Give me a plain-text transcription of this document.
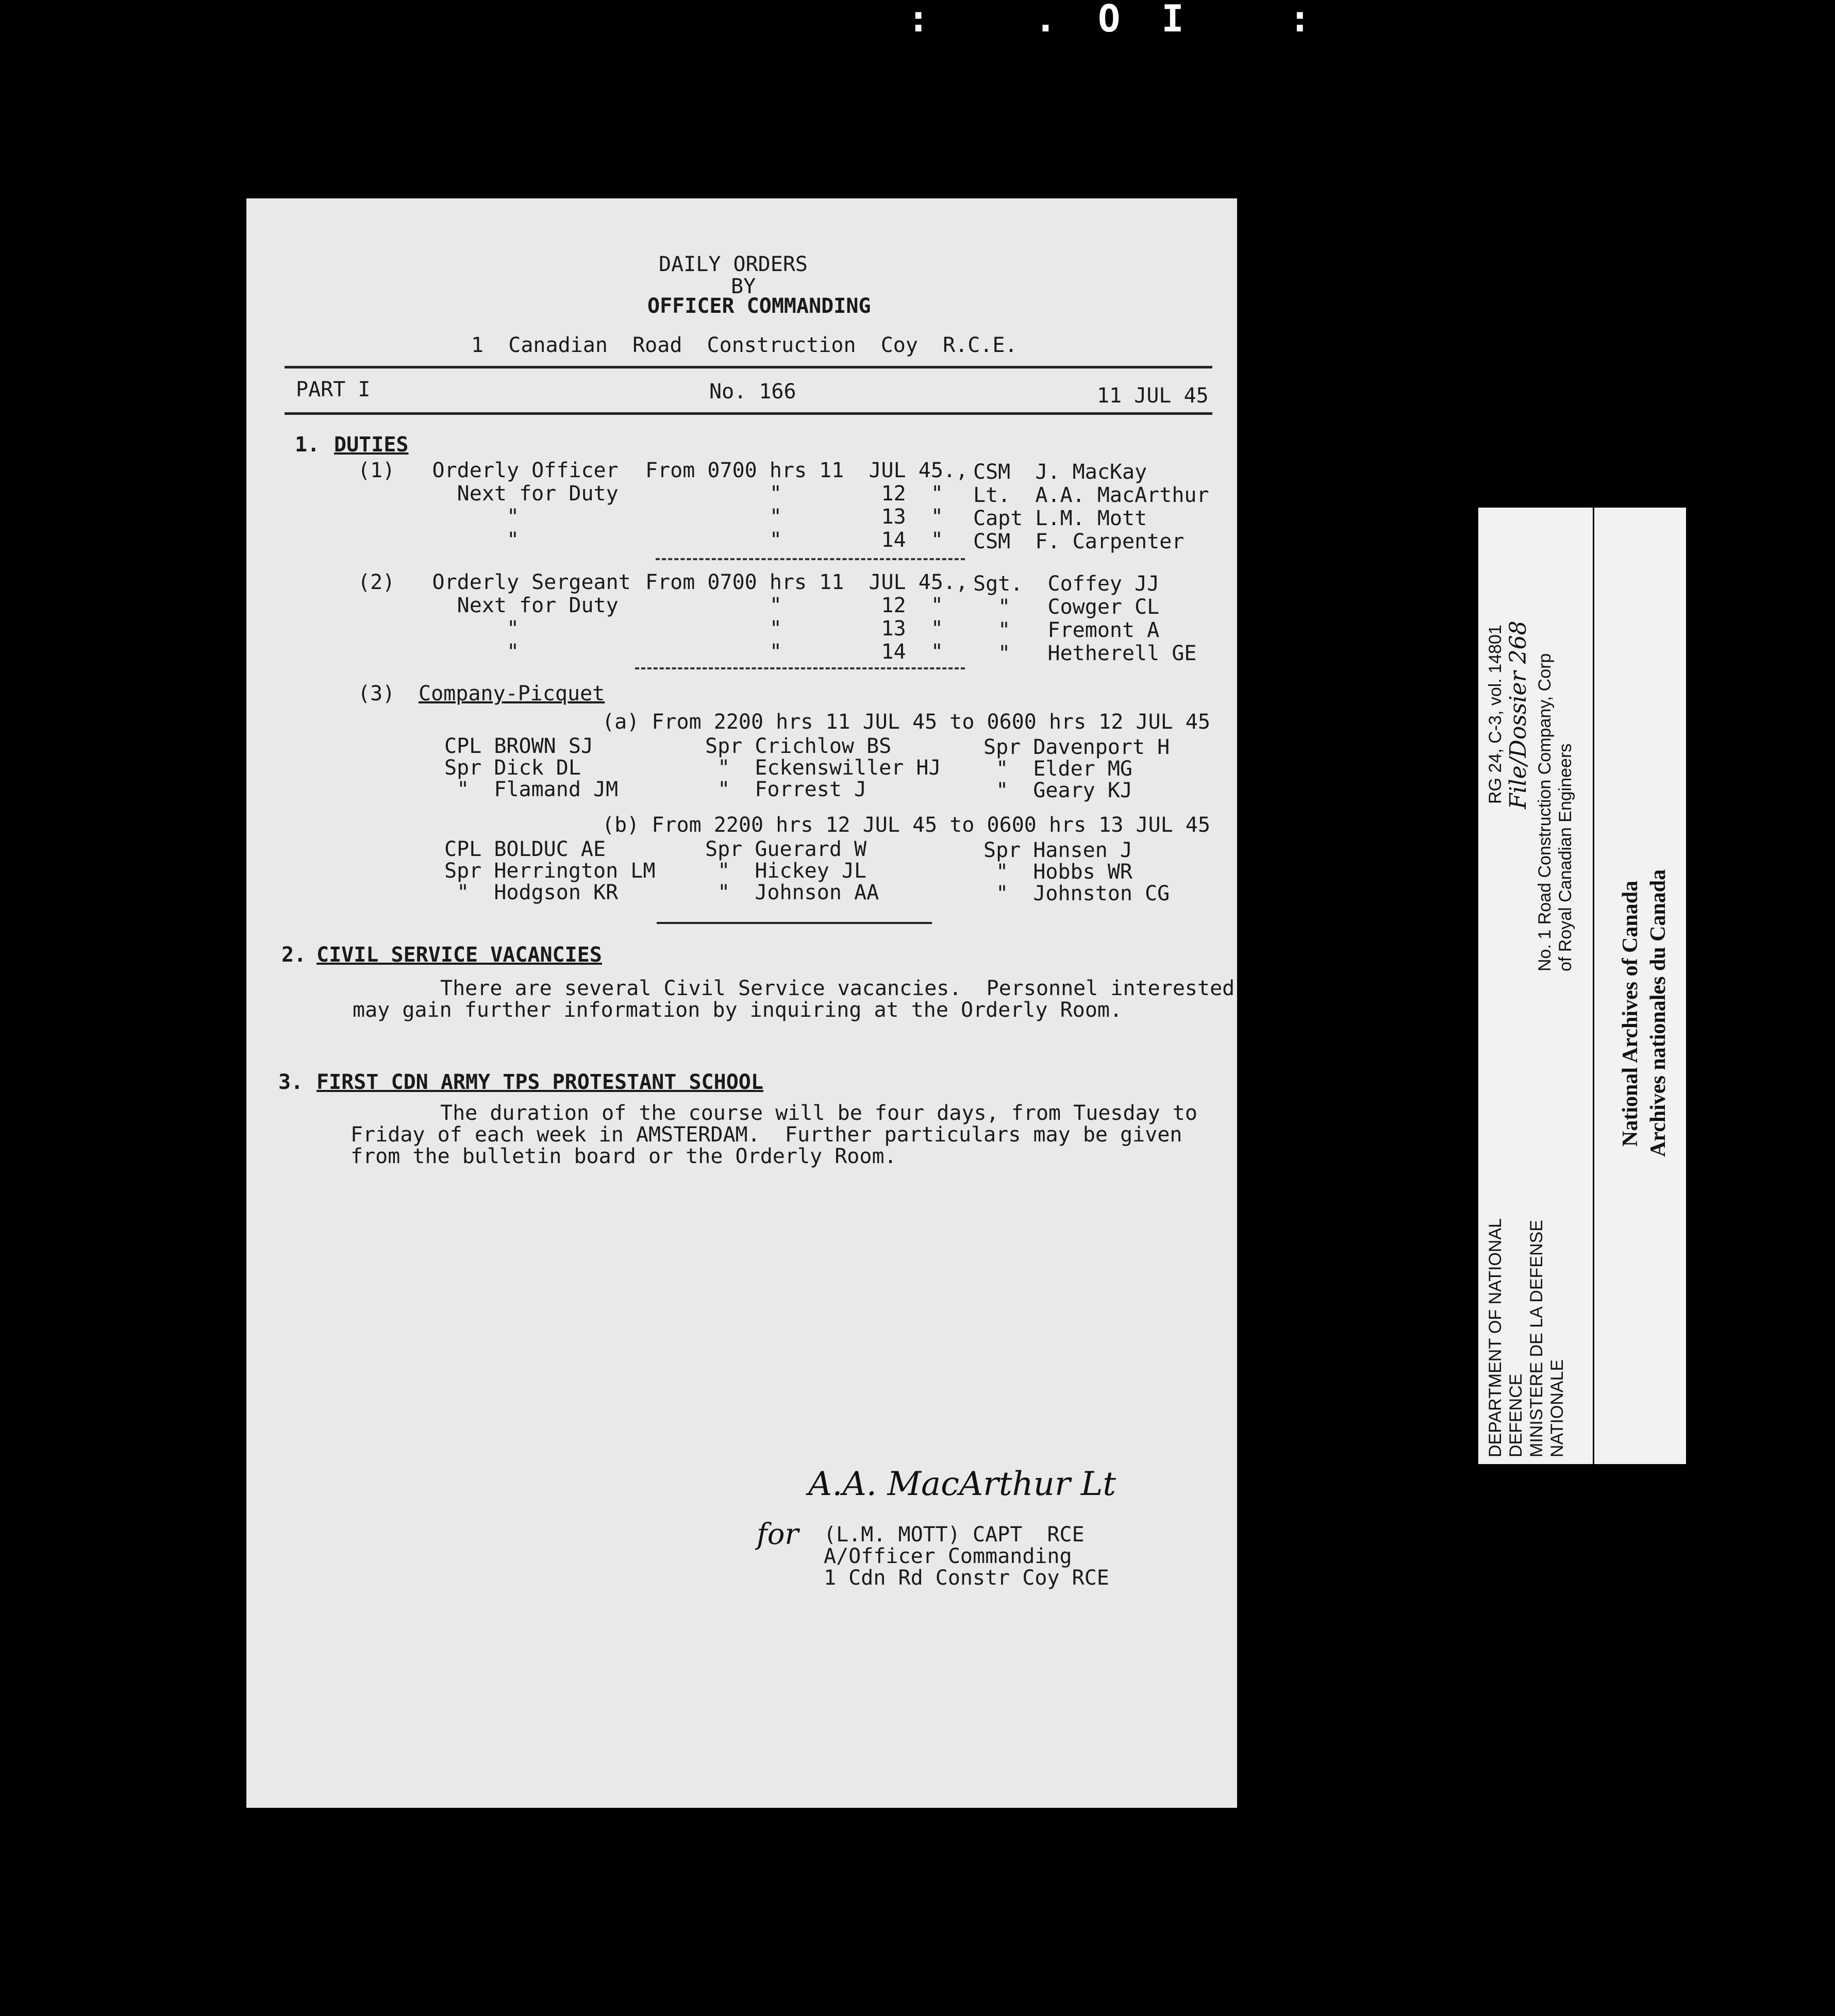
: .OI :
DAILY ORDERS
BY
OFFICER COMMANDING
1  Canadian  Road  Construction  Coy  R.C.E.
PART I	No. 166	11 JUL 45
1. DUTIES
(1)   Orderly Officer From 0700 hrs 11  JUL 45., CSM  J. MacKay
Next for Duty "        12  " Lt.  A.A. MacArthur
"	"        13  " Capt L.M. Mott
"	"        14  " CSM  F. Carpenter
(2)   Orderly Sergeant From 0700 hrs 11  JUL 45., Sgt.  Coffey JJ
Next for Duty "        12  " "   Cowger CL
"	"        13  " "   Fremont A
"	"        14  " "   Hetherell GE
(3) Company-Picquet
(a) From 2200 hrs 11 JUL 45 to 0600 hrs 12 JUL 45
CPL BROWN SJ	Spr Crichlow BS	Spr Davenport H
Spr Dick DL	"  Eckenswiller HJ "  Elder MG
"  Flamand JM	"  Forrest J	"  Geary KJ
(b) From 2200 hrs 12 JUL 45 to 0600 hrs 13 JUL 45
CPL BOLDUC AE	Spr Guerard W	Spr Hansen J
Spr Herrington LM "  Hickey JL	"  Hobbs WR
"  Hodgson KR	"  Johnson AA	"  Johnston CG
2. CIVIL SERVICE VACANCIES
There are several Civil Service vacancies.  Personnel interested
may gain further information by inquiring at the Orderly Room.
3. FIRST CDN ARMY TPS PROTESTANT SCHOOL
The duration of the course will be four days, from Tuesday to
Friday of each week in AMSTERDAM.  Further particulars may be given
from the bulletin board or the Orderly Room.
A.A. MacArthur Lt
for (L.M. MOTT) CAPT  RCE
A/Officer Commanding
1 Cdn Rd Constr Coy RCE
DEPARTMENT OF NATIONAL DEFENCE MINISTERE DE LA DEFENSE NATIONALE
RG 24, C-3, vol. 14801 File/Dossier 268 No. 1 Road Construction Company, Corp of Royal Canadian Engineers
National Archives of Canada Archives nationales du Canada
